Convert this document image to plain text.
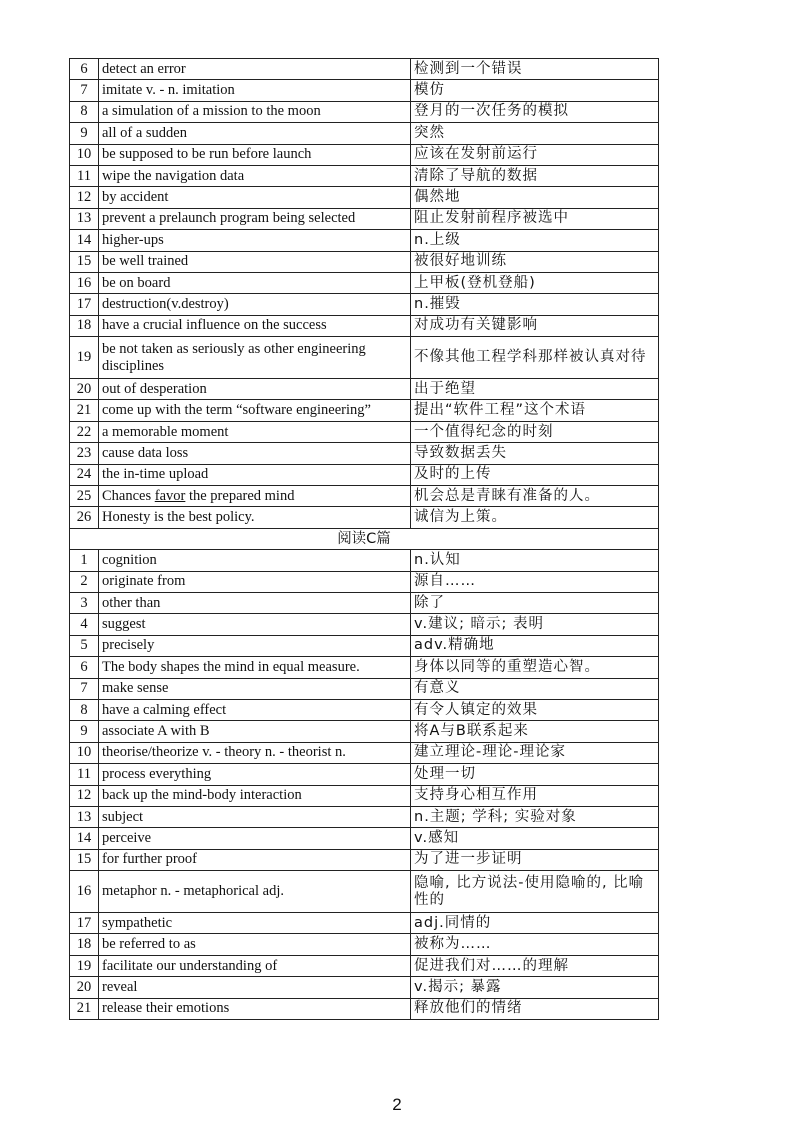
6	detect an error	检测到一个错误
7	imitate v. - n. imitation	模仿
8	a simulation of a mission to the moon	登月的一次任务的模拟
9	all of a sudden	突然
10	be supposed to be run before launch	应该在发射前运行
11	wipe the navigation data	清除了导航的数据
12	by accident	偶然地
13	prevent a prelaunch program being selected	阻止发射前程序被选中
14	higher-ups	n.上级
15	be well trained	被很好地训练
16	be on board	上甲板(登机登船)
17	destruction(v.destroy)	n.摧毁
18	have a crucial influence on the success	对成功有关键影响
19	be not taken as seriously as other engineering disciplines	不像其他工程学科那样被认真对待
20	out of desperation	出于绝望
21	come up with the term “software engineering”	提出“软件工程”这个术语
22	a memorable moment	一个值得纪念的时刻
23	cause data loss	导致数据丢失
24	the in-time upload	及时的上传
25	Chances favor the prepared mind	机会总是青睐有准备的人。
26	Honesty is the best policy.	诚信为上策。
阅读C篇		
1	cognition	n.认知
2	originate from	源自……
3	other than	除了
4	suggest	v.建议; 暗示; 表明
5	precisely	adv.精确地
6	The body shapes the mind in equal measure.	身体以同等的重塑造心智。
7	make sense	有意义
8	have a calming effect	有令人镇定的效果
9	associate A with B	将A与B联系起来
10	theorise/theorize v. - theory n. - theorist n.	建立理论-理论-理论家
11	process everything	处理一切
12	back up the mind-body interaction	支持身心相互作用
13	subject	n.主题; 学科; 实验对象
14	perceive	v.感知
15	for further proof	为了进一步证明
16	metaphor n. - metaphorical adj.	隐喻, 比方说法-使用隐喻的, 比喻性的
17	sympathetic	adj.同情的
18	be referred to as	被称为……
19	facilitate our understanding of	促进我们对……的理解
20	reveal	v.揭示; 暴露
21	release their emotions	释放他们的情绪
2
